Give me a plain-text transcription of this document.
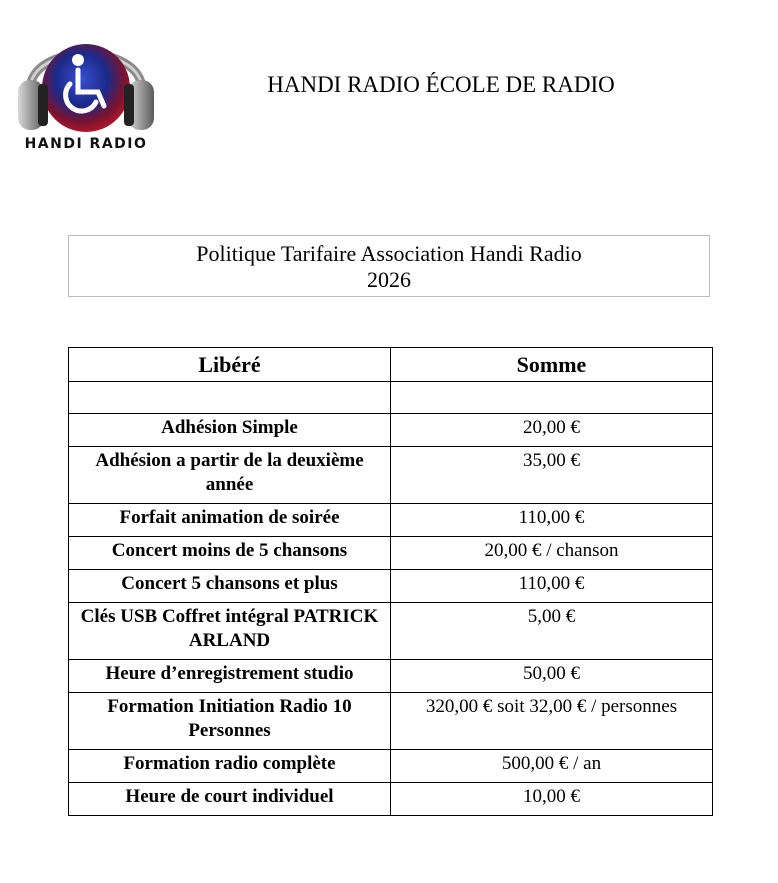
HANDI RADIO
HANDI RADIO ÉCOLE DE RADIO
Politique Tarifaire Association Handi Radio
2026
Libéré	Somme

Adhésion Simple	20,00 €
Adhésion a partir de la deuxième année	35,00 €
Forfait animation de soirée	110,00 €
Concert moins de 5 chansons	20,00 € / chanson
Concert 5 chansons et plus	110,00 €
Clés USB Coffret intégral PATRICK ARLAND	5,00 €
Heure d’enregistrement studio	50,00 €
Formation Initiation Radio 10 Personnes	320,00 € soit 32,00 € / personnes
Formation radio complète	500,00 € / an
Heure de court individuel	10,00 €
